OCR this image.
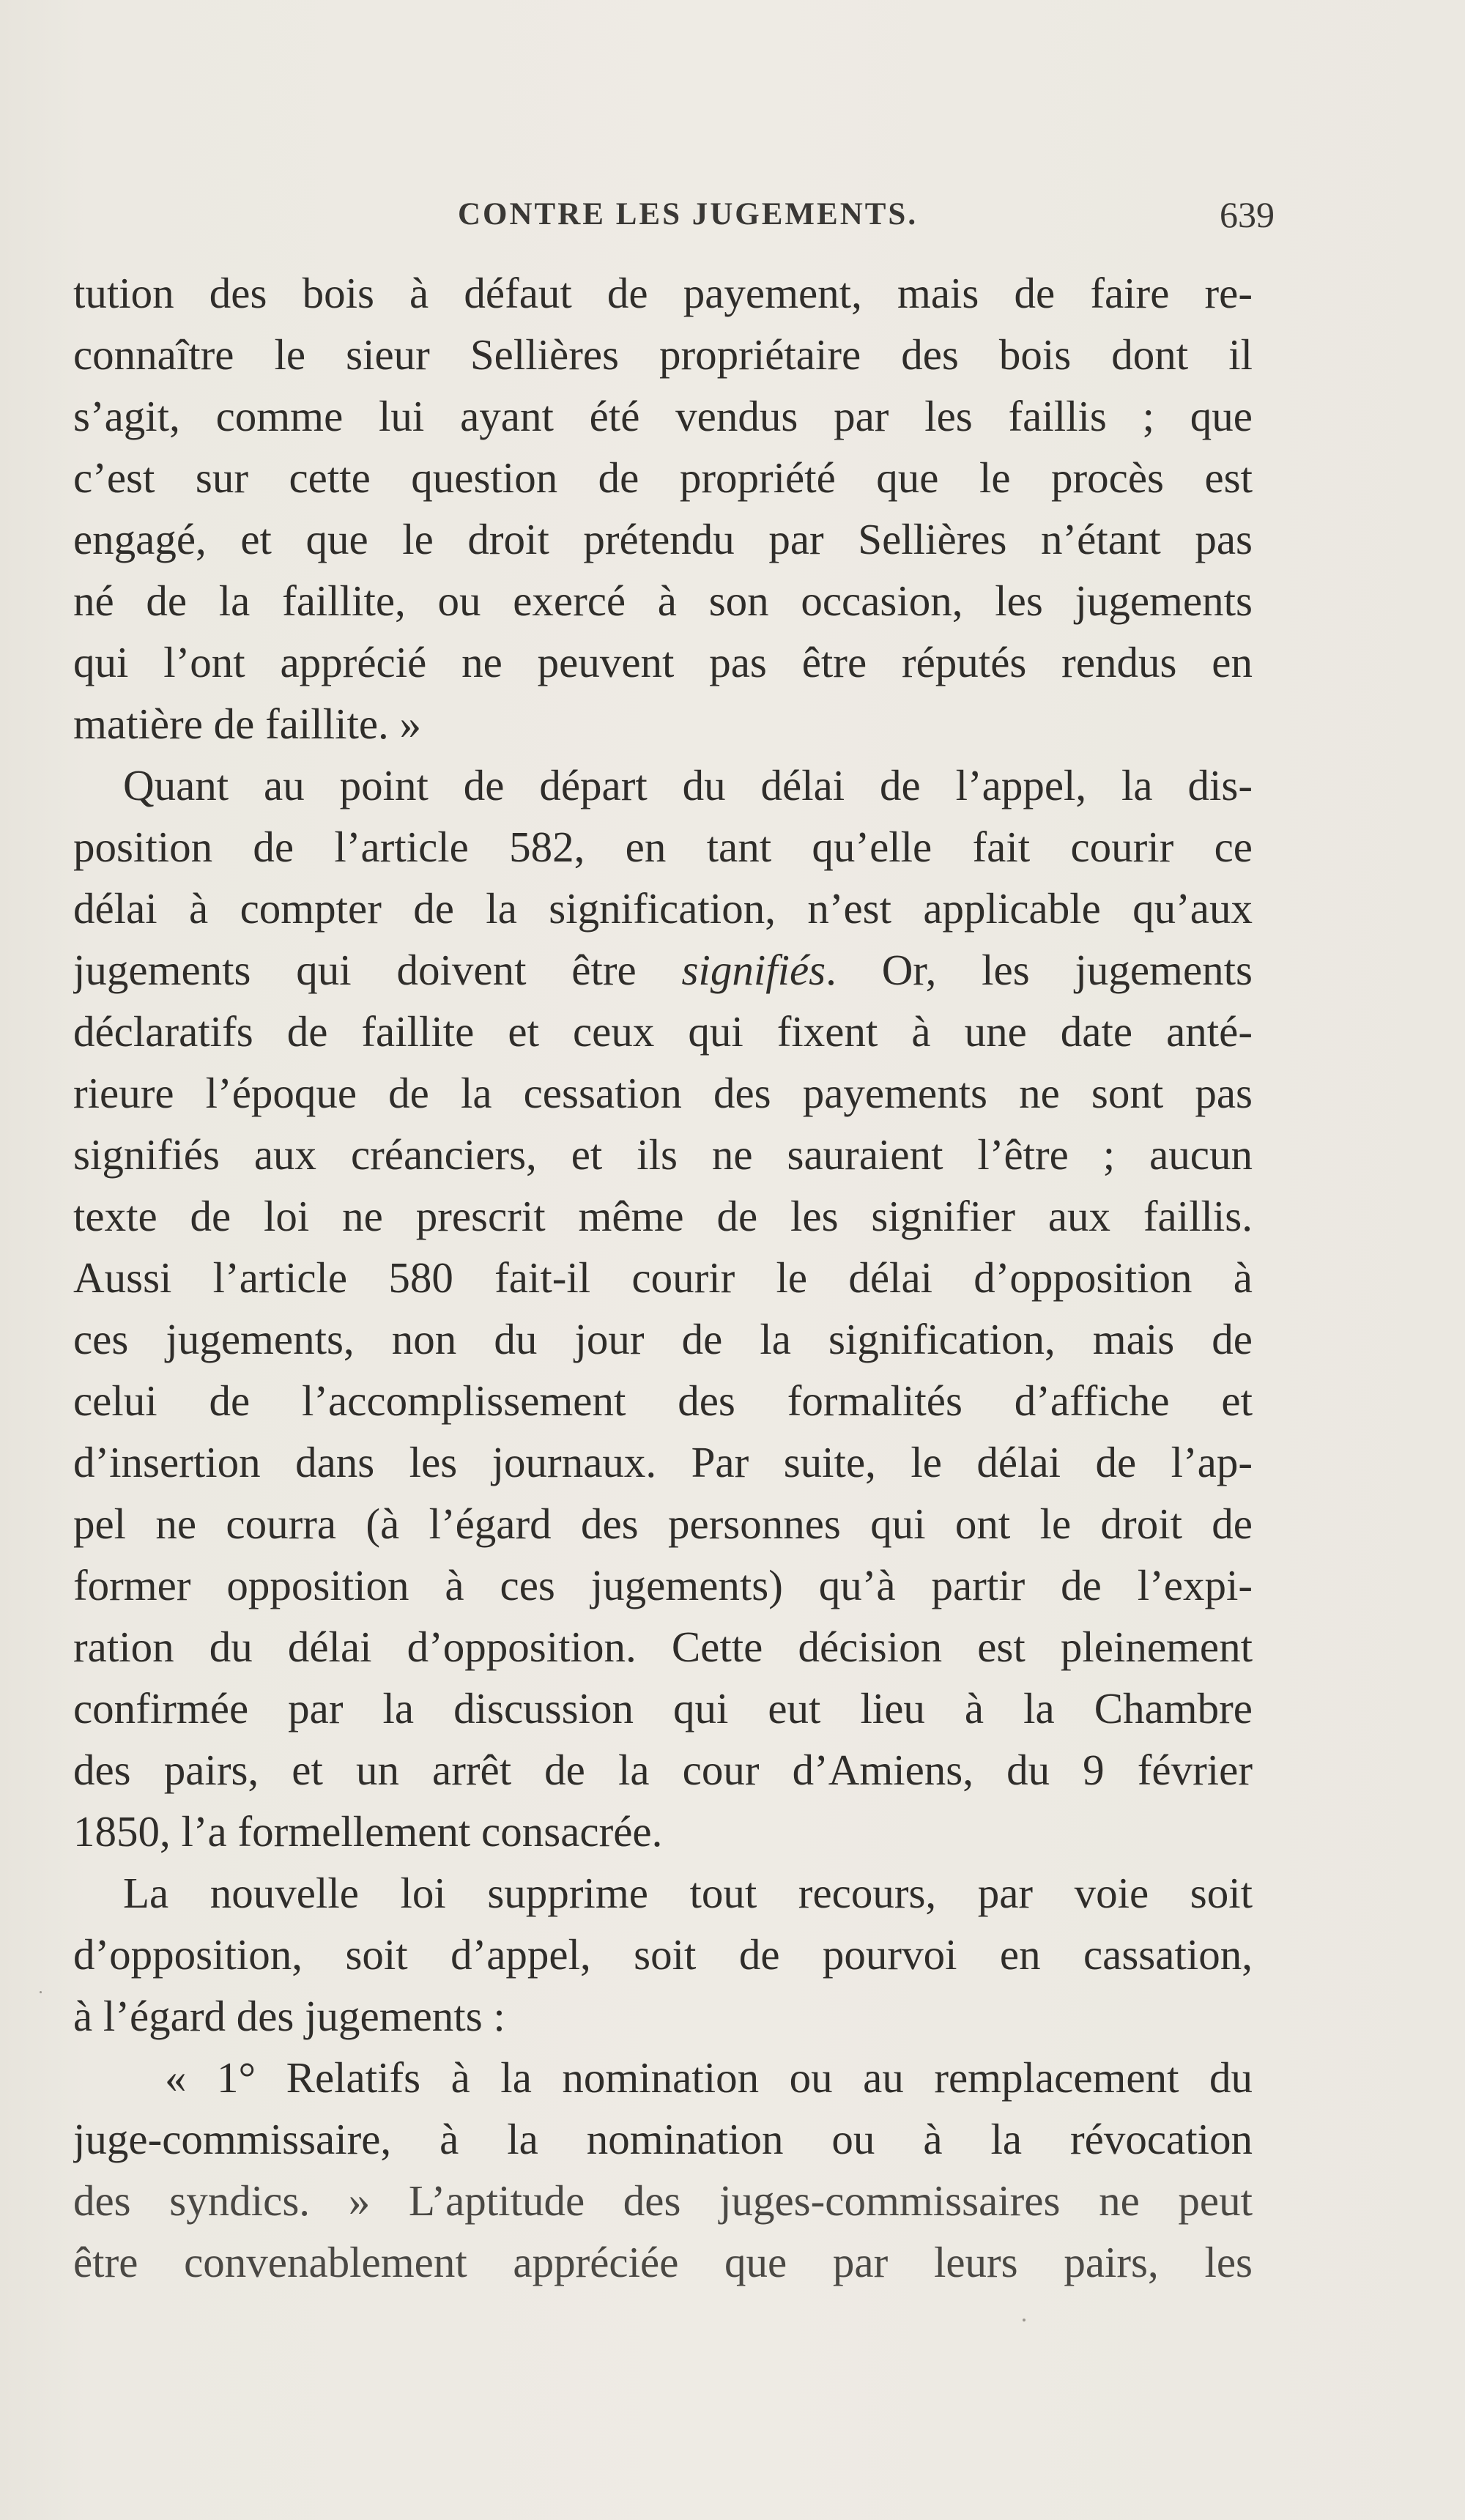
CONTRE LES JUGEMENTS.	639
tution des bois à défaut de payement, mais de faire re-
connaître le sieur Sellières propriétaire des bois dont il
s’agit, comme lui ayant été vendus par les faillis ; que
c’est sur cette question de propriété que le procès est
engagé, et que le droit prétendu par Sellières n’étant pas
né de la faillite, ou exercé à son occasion, les jugements
qui l’ont apprécié ne peuvent pas être réputés rendus en
matière de faillite. »
Quant au point de départ du délai de l’appel, la dis-
position de l’article 582, en tant qu’elle fait courir ce
délai à compter de la signification, n’est applicable qu’aux
jugements qui doivent être signifiés. Or, les jugements
déclaratifs de faillite et ceux qui fixent à une date anté-
rieure l’époque de la cessation des payements ne sont pas
signifiés aux créanciers, et ils ne sauraient l’être ; aucun
texte de loi ne prescrit même de les signifier aux faillis.
Aussi l’article 580 fait-il courir le délai d’opposition à
ces jugements, non du jour de la signification, mais de
celui de l’accomplissement des formalités d’affiche et
d’insertion dans les journaux. Par suite, le délai de l’ap-
pel ne courra (à l’égard des personnes qui ont le droit de
former opposition à ces jugements) qu’à partir de l’expi-
ration du délai d’opposition. Cette décision est pleinement
confirmée par la discussion qui eut lieu à la Chambre
des pairs, et un arrêt de la cour d’Amiens, du 9 février
1850, l’a formellement consacrée.
La nouvelle loi supprime tout recours, par voie soit
d’opposition, soit d’appel, soit de pourvoi en cassation,
à l’égard des jugements :
« 1° Relatifs à la nomination ou au remplacement du
juge-commissaire, à la nomination ou à la révocation
des syndics. » L’aptitude des juges-commissaires ne peut
être convenablement appréciée que par leurs pairs, les
